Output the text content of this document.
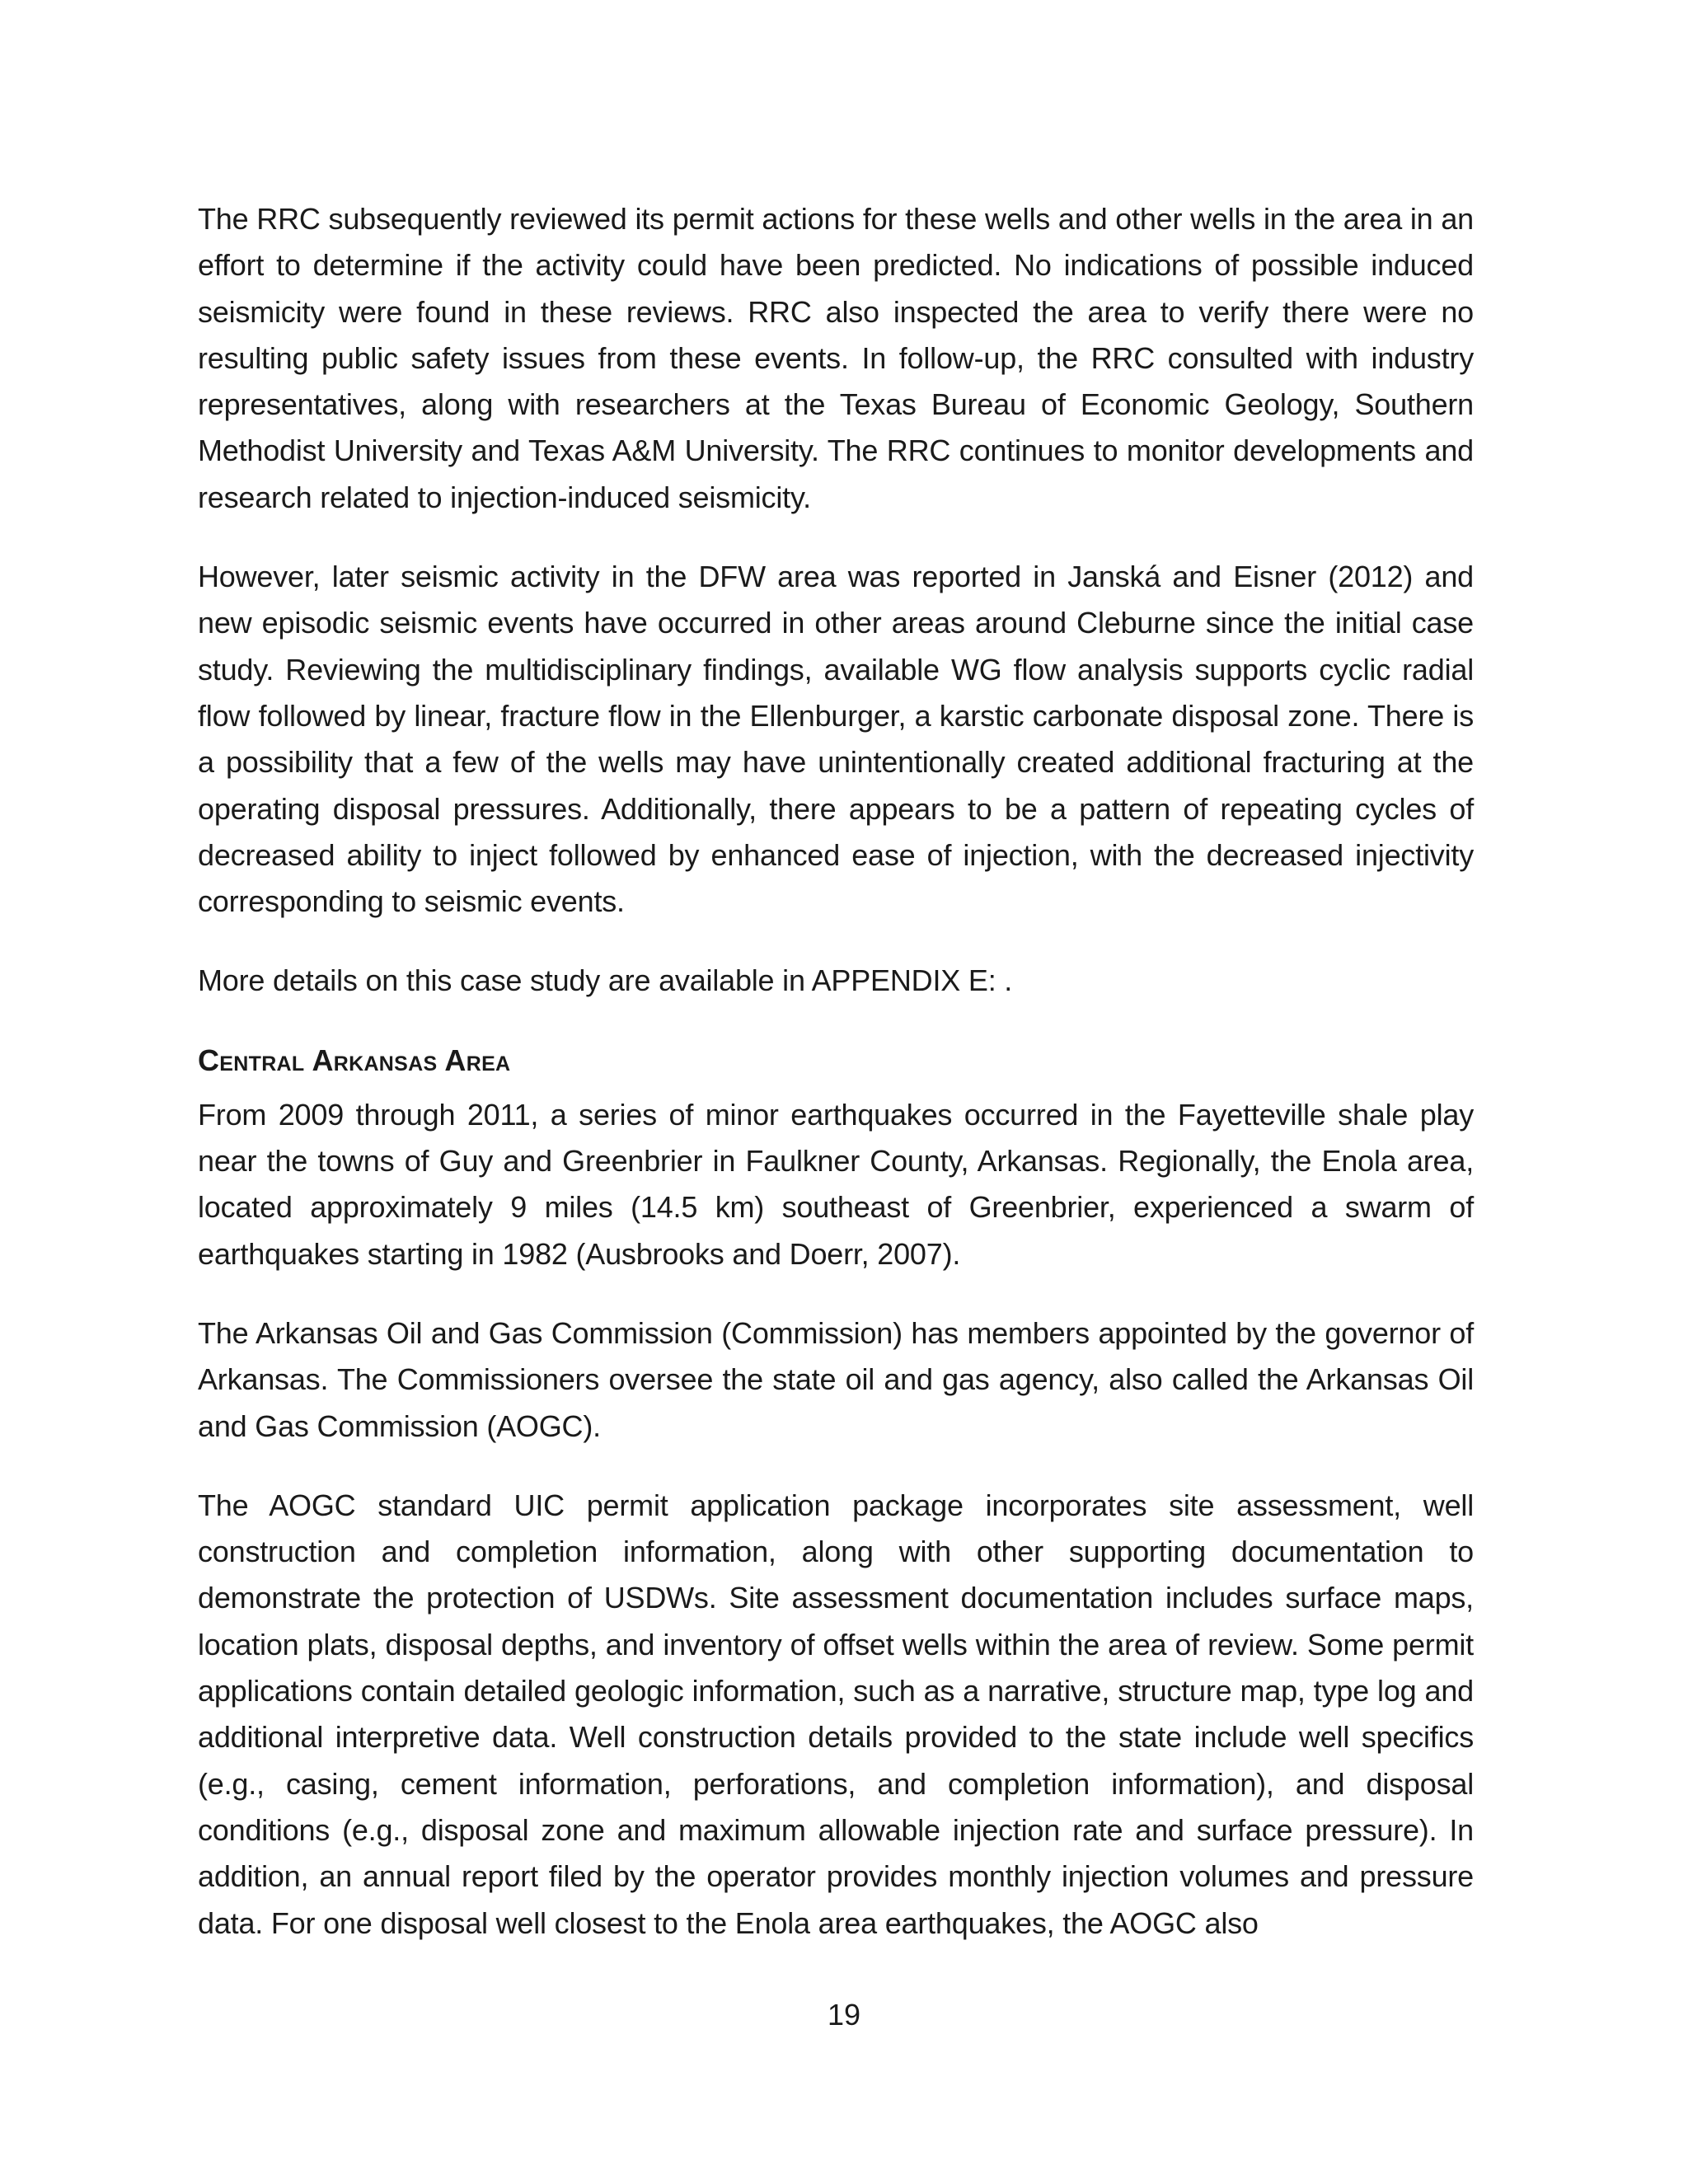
The RRC subsequently reviewed its permit actions for these wells and other wells in the area in an effort to determine if the activity could have been predicted. No indications of possible induced seismicity were found in these reviews. RRC also inspected the area to verify there were no resulting public safety issues from these events. In follow-up, the RRC consulted with industry representatives, along with researchers at the Texas Bureau of Economic Geology, Southern Methodist University and Texas A&M University. The RRC continues to monitor developments and research related to injection-induced seismicity.

However, later seismic activity in the DFW area was reported in Janská and Eisner (2012) and new episodic seismic events have occurred in other areas around Cleburne since the initial case study. Reviewing the multidisciplinary findings, available WG flow analysis supports cyclic radial flow followed by linear, fracture flow in the Ellenburger, a karstic carbonate disposal zone. There is a possibility that a few of the wells may have unintentionally created additional fracturing at the operating disposal pressures. Additionally, there appears to be a pattern of repeating cycles of decreased ability to inject followed by enhanced ease of injection, with the decreased injectivity corresponding to seismic events.

More details on this case study are available in APPENDIX E: .

Central Arkansas Area

From 2009 through 2011, a series of minor earthquakes occurred in the Fayetteville shale play near the towns of Guy and Greenbrier in Faulkner County, Arkansas. Regionally, the Enola area, located approximately 9 miles (14.5 km) southeast of Greenbrier, experienced a swarm of earthquakes starting in 1982 (Ausbrooks and Doerr, 2007).

The Arkansas Oil and Gas Commission (Commission) has members appointed by the governor of Arkansas. The Commissioners oversee the state oil and gas agency, also called the Arkansas Oil and Gas Commission (AOGC).

The AOGC standard UIC permit application package incorporates site assessment, well construction and completion information, along with other supporting documentation to demonstrate the protection of USDWs. Site assessment documentation includes surface maps, location plats, disposal depths, and inventory of offset wells within the area of review. Some permit applications contain detailed geologic information, such as a narrative, structure map, type log and additional interpretive data. Well construction details provided to the state include well specifics (e.g., casing, cement information, perforations, and completion information), and disposal conditions (e.g., disposal zone and maximum allowable injection rate and surface pressure). In addition, an annual report filed by the operator provides monthly injection volumes and pressure data. For one disposal well closest to the Enola area earthquakes, the AOGC also

19
